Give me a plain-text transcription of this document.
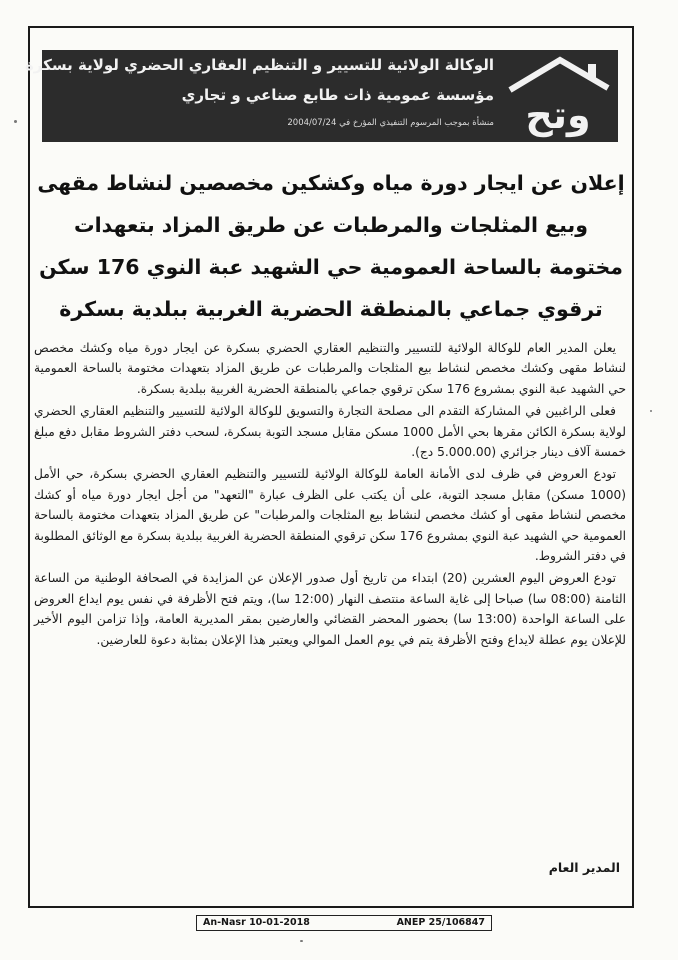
الوكالة الولائية للتسيير و التنظيم العقاري الحضري لولاية بسكرة
مؤسسة عمومية ذات طابع صناعي و تجاري
منشأة بموجب المرسوم التنفيذي المؤرخ في 2004/07/24 وتح
إعلان عن ايجار دورة مياه وكشكين مخصصين لنشاط مقهى وبيع المثلجات والمرطبات عن طريق المزاد بتعهدات مختومة بالساحة العمومية حي الشهيد عبة النوي 176 سكن ترقوي جماعي بالمنطقة الحضرية الغربية ببلدية بسكرة

يعلن المدير العام للوكالة الولائية للتسيير والتنظيم العقاري الحضري بسكرة عن ايجار دورة مياه وكشك مخصص لنشاط مقهى وكشك مخصص لنشاط بيع المثلجات والمرطبات عن طريق المزاد بتعهدات مختومة بالساحة العمومية حي الشهيد عبة النوي بمشروع 176 سكن ترقوي جماعي بالمنطقة الحضرية الغربية ببلدية بسكرة.

فعلى الراغبين في المشاركة التقدم الى مصلحة التجارة والتسويق للوكالة الولائية للتسيير والتنظيم العقاري الحضري لولاية بسكرة الكائن مقرها بحي الأمل 1000 مسكن مقابل مسجد التوبة بسكرة، لسحب دفتر الشروط مقابل دفع مبلغ خمسة آلاف دينار جزائري (5.000.00 دج).

تودع العروض في ظرف لدى الأمانة العامة للوكالة الولائية للتسيير والتنظيم العقاري الحضري بسكرة، حي الأمل (1000 مسكن) مقابل مسجد التوبة، على أن يكتب على الظرف عبارة "التعهد" من أجل ايجار دورة مياه أو كشك مخصص لنشاط مقهى أو كشك مخصص لنشاط بيع المثلجات والمرطبات" عن طريق المزاد بتعهدات مختومة بالساحة العمومية حي الشهيد عبة النوي بمشروع 176 سكن ترقوي المنطقة الحضرية الغربية ببلدية بسكرة مع الوثائق المطلوبة في دفتر الشروط.

تودع العروض اليوم العشرين (20) ابتداء من تاريخ أول صدور الإعلان عن المزايدة في الصحافة الوطنية من الساعة الثامنة (08:00 سا) صباحا إلى غاية الساعة منتصف النهار (12:00 سا)، ويتم فتح الأظرفة في نفس يوم ايداع العروض على الساعة الواحدة (13:00 سا) بحضور المحضر القضائي والعارضين بمقر المديرية العامة، وإذا تزامن اليوم الأخير للإعلان يوم عطلة لايداع وفتح الأظرفة يتم في يوم العمل الموالي ويعتبر هذا الإعلان بمثابة دعوة للعارضين.

المدير العام
An-Nasr 10-01-2018	ANEP 25/106847
